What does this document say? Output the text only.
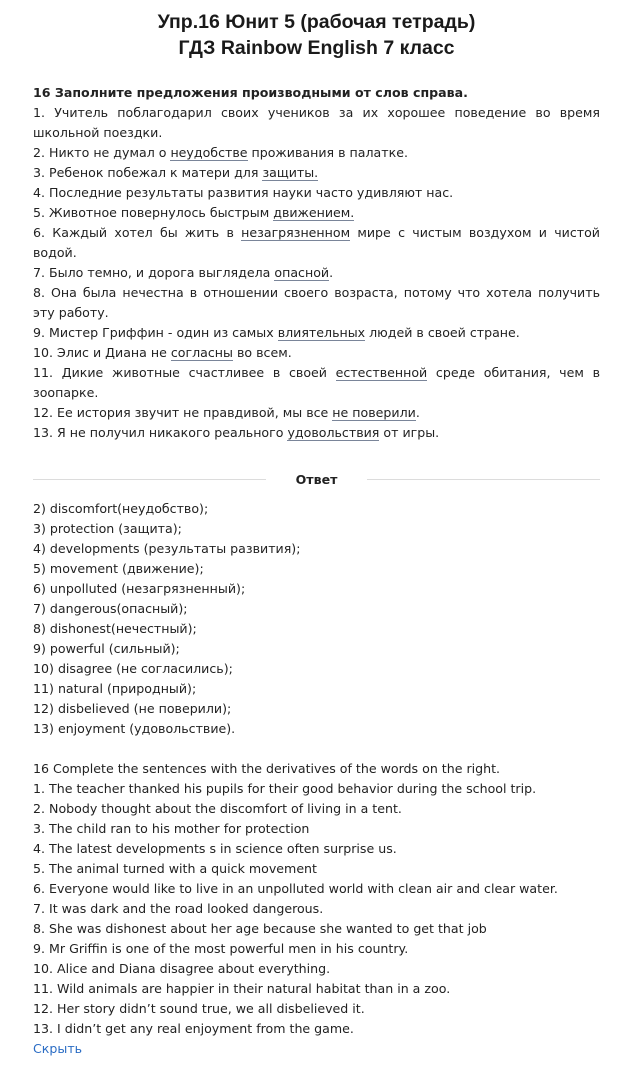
Упр.16 Юнит 5 (рабочая тетрадь)
ГДЗ Rainbow English 7 класс
16 Заполните предложения производными от слов справа.

1. Учитель поблагодарил своих учеников за их хорошее поведение во время школьной поездки.

2. Никто не думал о неудобстве проживания в палатке.

3. Ребенок побежал к матери для защиты.

4. Последние результаты развития науки часто удивляют нас.

5. Животное повернулось быстрым движением.

6. Каждый хотел бы жить в незагрязненном мире с чистым воздухом и чистой водой.

7. Было темно, и дорога выглядела опасной.

8. Она была нечестна в отношении своего возраста, потому что хотела получить эту работу.

9. Мистер Гриффин - один из самых влиятельных людей в своей стране.

10. Элис и Диана не согласны во всем.

11. Дикие животные счастливее в своей естественной среде обитания, чем в зоопарке.

12. Ее история звучит не правдивой, мы все не поверили.

13. Я не получил никакого реального удовольствия от игры.

Ответ
2) discomfort(неудобство);
3) protection (защита);
4) developments (результаты развития);
5) movement (движение);
6) unpolluted (незагрязненный);
7) dangerous(опасный);
8) dishonest(нечестный);
9) powerful (сильный);
10) disagree (не согласились);
11) natural (природный);
12) disbelieved (не поверили);
13) enjoyment (удовольствие).
16 Complete the sentences with the derivatives of the words on the right.
1. The teacher thanked his pupils for their good behavior during the school trip.
2. Nobody thought about the discomfort of living in a tent.
3. The child ran to his mother for protection
4. The latest developments s in science often surprise us.
5. The animal turned with a quick movement
6. Everyone would like to live in an unpolluted world with clean air and clear water.
7. It was dark and the road looked dangerous.
8. She was dishonest about her age because she wanted to get that job
9. Mr Griffin is one of the most powerful men in his country.
10. Alice and Diana disagree about everything.
11. Wild animals are happier in their natural habitat than in a zoo.
12. Her story didn’t sound true, we all disbelieved it.
13. I didn’t get any real enjoyment from the game.
Скрыть
